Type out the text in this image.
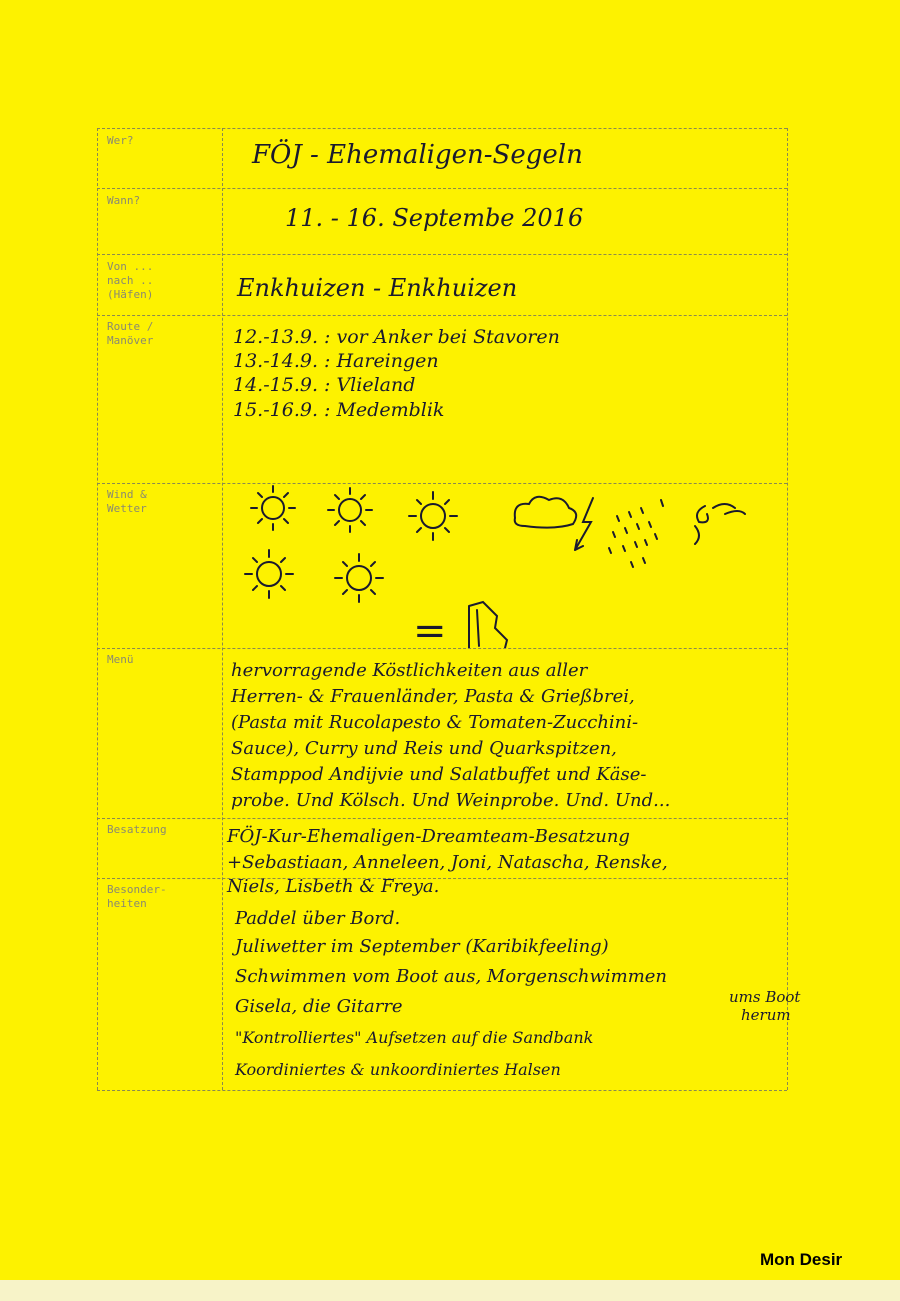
Wer?
Wann?
Von ...
nach ..
(Häfen)
Route /
Manöver
Wind &
Wetter
Menü
Besatzung
Besonder-
heiten
FÖJ - Ehemaligen-Segeln
11. - 16. Septembe 2016
Enkhuizen - Enkhuizen
12.-13.9. : vor Anker bei Stavoren
13.-14.9. : Hareingen
14.-15.9. : Vlieland
15.-16.9. : Medemblik
hervorragende Köstlichkeiten aus aller
Herren- & Frauenländer, Pasta & Grießbrei,
(Pasta mit Rucolapesto & Tomaten-Zucchini-
Sauce), Curry und Reis und Quarkspitzen,
Stamppod Andijvie und Salatbuffet und Käse-
probe. Und Kölsch. Und Weinprobe. Und. Und...
FÖJ-Kur-Ehemaligen-Dreamteam-Besatzung
+Sebastiaan, Anneleen, Joni, Natascha, Renske,
Niels, Lisbeth & Freya.
Paddel über Bord.
Juliwetter im September (Karibikfeeling)
Schwimmen vom Boot aus, Morgenschwimmen
Gisela, die Gitarre
"Kontrolliertes" Aufsetzen auf die Sandbank
Koordiniertes & unkoordiniertes Halsen
ums Boot
herum
=
Mon Desir
